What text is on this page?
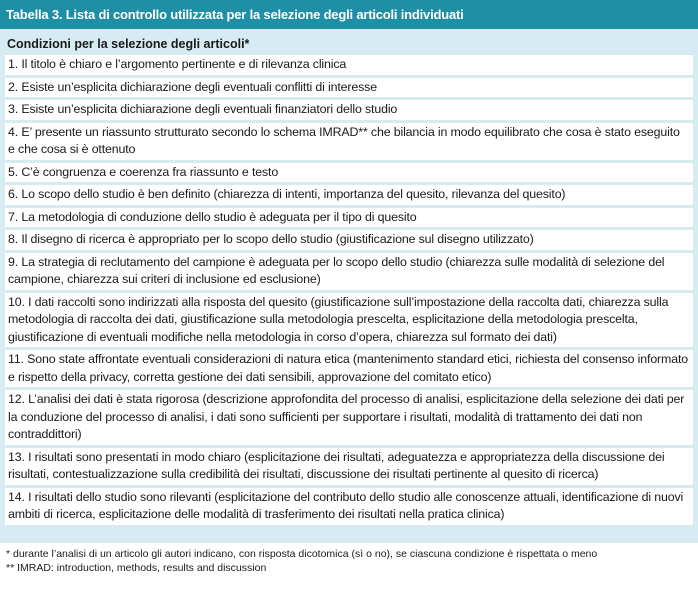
Tabella 3. Lista di controllo utilizzata per la selezione degli articoli individuati
Condizioni per la selezione degli articoli*
1. Il titolo è chiaro e l’argomento pertinente e di rilevanza clinica
2. Esiste un’esplicita dichiarazione degli eventuali conflitti di interesse
3. Esiste un’esplicita dichiarazione degli eventuali finanziatori dello studio
4. E’ presente un riassunto strutturato secondo lo schema IMRAD** che bilancia in modo equilibrato che cosa è stato eseguito e che cosa si è ottenuto
5. C’è congruenza e coerenza fra riassunto e testo
6. Lo scopo dello studio è ben definito (chiarezza di intenti, importanza del quesito, rilevanza del quesito)
7. La metodologia di conduzione dello studio è adeguata per il tipo di quesito
8. Il disegno di ricerca è appropriato per lo scopo dello studio (giustificazione sul disegno utilizzato)
9. La strategia di reclutamento del campione è adeguata per lo scopo dello studio (chiarezza sulle modalità di selezione del campione, chiarezza sui criteri di inclusione ed esclusione)
10. I dati raccolti sono indirizzati alla risposta del quesito (giustificazione sull’impostazione della raccolta dati, chiarezza sulla metodologia di raccolta dei dati, giustificazione sulla metodologia prescelta, esplicitazione della metodologia prescelta, giustificazione di eventuali modifiche nella metodologia in corso d’opera, chiarezza sul formato dei dati)
11. Sono state affrontate eventuali considerazioni di natura etica (mantenimento standard etici, richiesta del consenso informato e rispetto della privacy, corretta gestione dei dati sensibili, approvazione del comitato etico)
12. L’analisi dei dati è stata rigorosa (descrizione approfondita del processo di analisi, esplicitazione della selezione dei dati per la conduzione del processo di analisi, i dati sono sufficienti per supportare i risultati, modalità di trattamento dei dati non contraddittori)
13. I risultati sono presentati in modo chiaro (esplicitazione dei risultati, adeguatezza e appropriatezza della discussione dei risultati, contestualizzazione sulla credibilità dei risultati, discussione dei risultati pertinente al quesito di ricerca)
14. I risultati dello studio sono rilevanti (esplicitazione del contributo dello studio alle conoscenze attuali, identificazione di nuovi ambiti di ricerca, esplicitazione delle modalità di trasferimento dei risultati nella pratica clinica)
* durante l’analisi di un articolo gli autori indicano, con risposta dicotomica (sì o no), se ciascuna condizione è rispettata o meno
** IMRAD: introduction, methods, results and discussion
